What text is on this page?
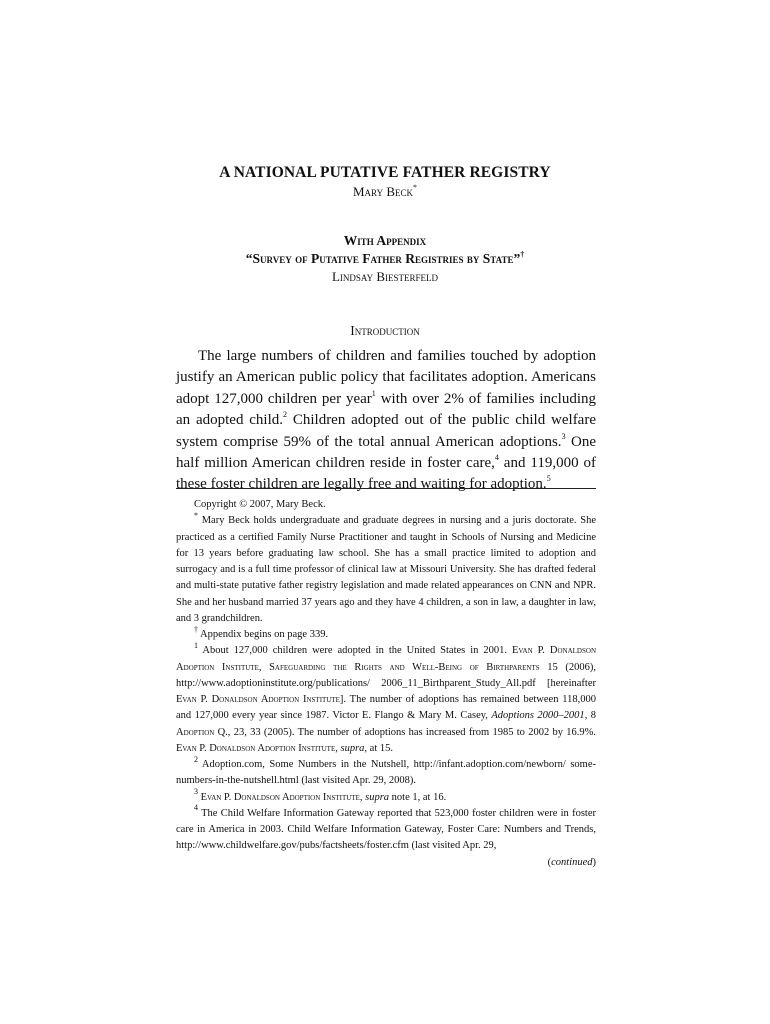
A NATIONAL PUTATIVE FATHER REGISTRY
Mary Beck*
With Appendix
“Survey of Putative Father Registries by State”†
Lindsay Biesterfeld
Introduction

The large numbers of children and families touched by adoption justify an American public policy that facilitates adoption. Americans adopt 127,000 children per year$^1$ with over 2% of families including an adopted child.$^2$ Children adopted out of the public child welfare system comprise 59% of the total annual American adoptions.$^3$ One half million American children reside in foster care,$^4$ and 119,000 of these foster children are legally free and waiting for adoption.$^5$

Copyright © 2007, Mary Beck.

* Mary Beck holds undergraduate and graduate degrees in nursing and a juris doctorate. She practiced as a certified Family Nurse Practitioner and taught in Schools of Nursing and Medicine for 13 years before graduating law school. She has a small practice limited to adoption and surrogacy and is a full time professor of clinical law at Missouri University. She has drafted federal and multi-state putative father registry legislation and made related appearances on CNN and NPR. She and her husband married 37 years ago and they have 4 children, a son in law, a daughter in law, and 3 grandchildren.

† Appendix begins on page 339.

$^1$ About 127,000 children were adopted in the United States in 2001. Evan P. Donaldson Adoption Institute, Safeguarding the Rights and Well-Being of Birthparents 15 (2006), http://www.adoptioninstitute.org/publications/ 2006_11_Birthparent_Study_All.pdf [hereinafter Evan P. Donaldson Adoption Institute]. The number of adoptions has remained between 118,000 and 127,000 every year since 1987. Victor E. Flango & Mary M. Casey, Adoptions 2000–2001, 8 Adoption Q., 23, 33 (2005). The number of adoptions has increased from 1985 to 2002 by 16.9%. Evan P. Donaldson Adoption Institute, supra, at 15.

$^2$ Adoption.com, Some Numbers in the Nutshell, http://infant.adoption.com/newborn/ some-numbers-in-the-nutshell.html (last visited Apr. 29, 2008).

$^3$ Evan P. Donaldson Adoption Institute, supra note 1, at 16.

$^4$ The Child Welfare Information Gateway reported that 523,000 foster children were in foster care in America in 2003. Child Welfare Information Gateway, Foster Care: Numbers and Trends, http://www.childwelfare.gov/pubs/factsheets/foster.cfm (last visited Apr. 29,

(continued)
